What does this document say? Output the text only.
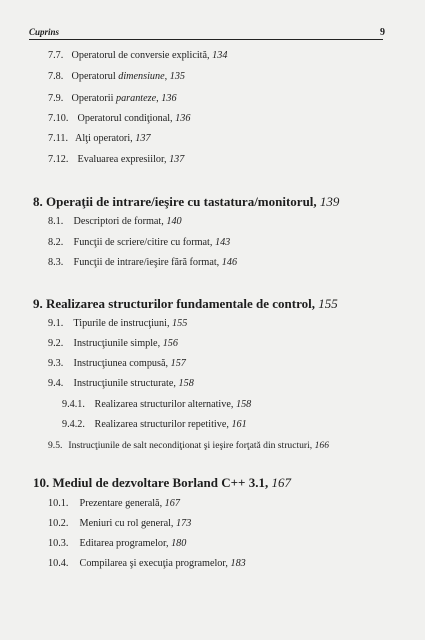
Cuprins	9
7.7. Operatorul de conversie explicită, 134
7.8. Operatorul dimensiune, 135
7.9. Operatorii paranteze, 136
7.10. Operatorul condiţional, 136
7.11. Alţi operatori, 137
7.12. Evaluarea expresiilor, 137
8. Operaţii de intrare/ieşire cu tastatura/monitorul, 139
8.1. Descriptori de format, 140
8.2. Funcţii de scriere/citire cu format, 143
8.3. Funcţii de intrare/ieşire fără format, 146
9. Realizarea structurilor fundamentale de control, 155
9.1. Tipurile de instrucţiuni, 155
9.2. Instrucţiunile simple, 156
9.3. Instrucţiunea compusă, 157
9.4. Instrucţiunile structurate, 158
9.4.1. Realizarea structurilor alternative, 158
9.4.2. Realizarea structurilor repetitive, 161
9.5. Instrucţiunile de salt necondiţionat şi ieşire forţată din structuri, 166
10. Mediul de dezvoltare Borland C++ 3.1, 167
10.1. Prezentare generală, 167
10.2. Meniuri cu rol general, 173
10.3. Editarea programelor, 180
10.4. Compilarea şi execuţia programelor, 183
